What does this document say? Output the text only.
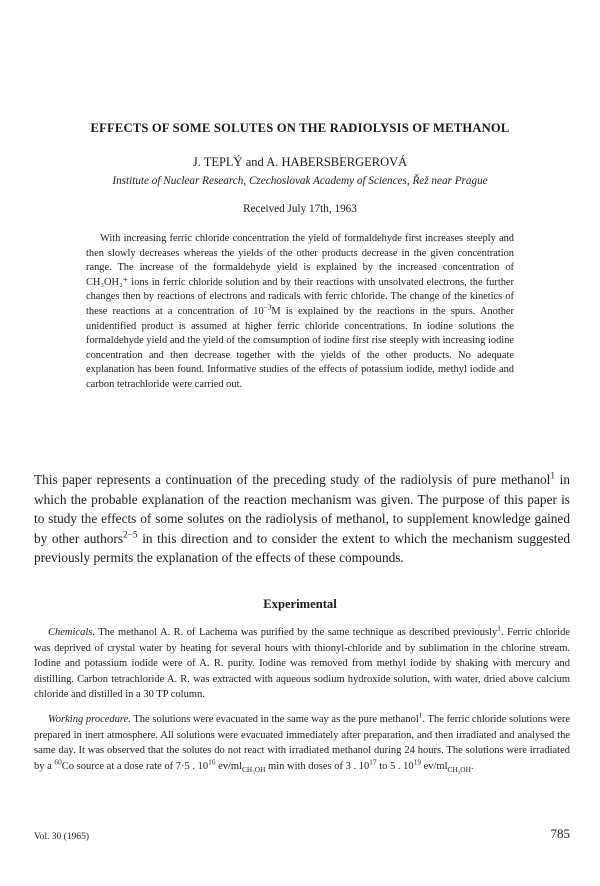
EFFECTS OF SOME SOLUTES ON THE RADIOLYSIS OF METHANOL
J. TEPLÝ and A. HABERSBERGEROVÁ
Institute of Nuclear Research, Czechoslovak Academy of Sciences, Řež near Prague
Received July 17th, 1963
With increasing ferric chloride concentration the yield of formaldehyde first increases steeply and then slowly decreases whereas the yields of the other products decrease in the given concentration range. The increase of the formaldehyde yield is explained by the increased concentration of CH₃OH₂⁺ ions in ferric chloride solution and by their reactions with unsolvated electrons, the further changes then by reactions of electrons and radicals with ferric chloride. The change of the kinetics of these reactions at a concentration of $10^{-3}M$ is explained by the reactions in the spurs. Another unidentified product is assumed at higher ferric chloride concentrations. In iodine solutions the formaldehyde yield and the yield of the comsumption of iodine first rise steeply with increasing iodine concentration and then decrease together with the yields of the other products. No adequate explanation has been found. Informative studies of the effects of potassium iodide, methyl iodide and carbon tetrachloride were carried out.
This paper represents a continuation of the preceding study of the radiolysis of pure methanol$^1$ in which the probable explanation of the reaction mechanism was given. The purpose of this paper is to study the effects of some solutes on the radiolysis of methanol, to supplement knowledge gained by other authors$^{2-5}$ in this direction and to consider the extent to which the mechanism suggested previously permits the explanation of the effects of these compounds.
Experimental
Chemicals. The methanol A. R. of Lachema was purified by the same technique as described previously$^1$. Ferric chloride was deprived of crystal water by heating for several hours with thionyl-chloride and by sublimation in the chlorine stream. Iodine and potassium iodide were of A. R. purity. Iodine was removed from methyl iodide by shaking with mercury and distilling. Carbon tetrachloride A. R. was extracted with aqueous sodium hydroxide solution, with water, dried above calcium chloride and distilled in a 30 TP column.
Working procedure. The solutions were evacuated in the same way as the pure methanol$^1$. The ferric chloride solutions were prepared in inert atmosphere. All solutions were evacuated immediately after preparation, and then irradiated and analysed the same day. It was observed that the solutes do not react with irradiated methanol during 24 hours. The solutions were irradiated by a $^{60}$Co source at a dose rate of 7·5 . $10^{16}$ $ev/ml_{CH_3OH}$ min with doses of 3 . $10^{17}$ to 5 . $10^{19}$ $ev/ml_{CH_3OH}$.
Vol. 30 (1965)	785
